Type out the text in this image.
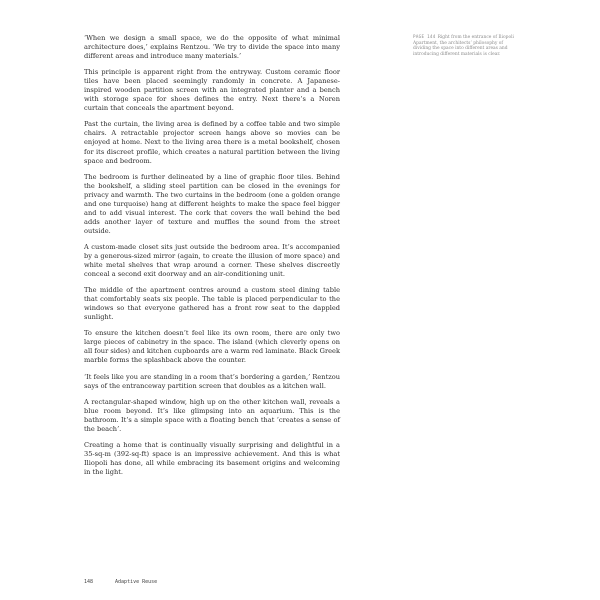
‘When we design a small space, we do the opposite of what minimal architecture does,’ explains Rentzou. ‘We try to divide the space into many different areas and introduce many materials.’

This principle is apparent right from the entryway. Custom ceramic floor tiles have been placed seemingly randomly in concrete. A Japanese-inspired wooden partition screen with an integrated planter and a bench with storage space for shoes defines the entry. Next there’s a Noren curtain that conceals the apartment beyond.

Past the curtain, the living area is defined by a coffee table and two simple chairs. A retractable projector screen hangs above so movies can be enjoyed at home. Next to the living area there is a metal bookshelf, chosen for its discreet profile, which creates a natural partition between the living space and bedroom.

The bedroom is further delineated by a line of graphic floor tiles. Behind the bookshelf, a sliding steel partition can be closed in the evenings for privacy and warmth. The two curtains in the bedroom (one a golden orange and one turquoise) hang at different heights to make the space feel bigger and to add visual interest. The cork that covers the wall behind the bed adds another layer of texture and muffles the sound from the street outside.

A custom-made closet sits just outside the bedroom area. It’s accompanied by a generous-sized mirror (again, to create the illusion of more space) and white metal shelves that wrap around a corner. These shelves discreetly conceal a second exit doorway and an air-conditioning unit.

The middle of the apartment centres around a custom steel dining table that comfortably seats six people. The table is placed perpendicular to the windows so that everyone gathered has a front row seat to the dappled sunlight.

To ensure the kitchen doesn’t feel like its own room, there are only two large pieces of cabinetry in the space. The island (which cleverly opens on all four sides) and kitchen cupboards are a warm red laminate. Black Greek marble forms the splashback above the counter.

‘It feels like you are standing in a room that’s bordering a garden,’ Rentzou says of the entranceway partition screen that doubles as a kitchen wall.

A rectangular-shaped window, high up on the other kitchen wall, reveals a blue room beyond. It’s like glimpsing into an aquarium. This is the bathroom. It’s a simple space with a floating bench that ‘creates a sense of the beach’.

Creating a home that is continually visually surprising and delightful in a 35-sq-m (392-sq-ft) space is an impressive achievement. And this is what Iliopoli has done, all while embracing its basement origins and welcoming in the light.

PAGE 144 Right from the entrance of Iliopoli Apartment, the architects’ philosophy of dividing the space into different areas and introducing different materials is clear.
148	Adaptive Reuse
